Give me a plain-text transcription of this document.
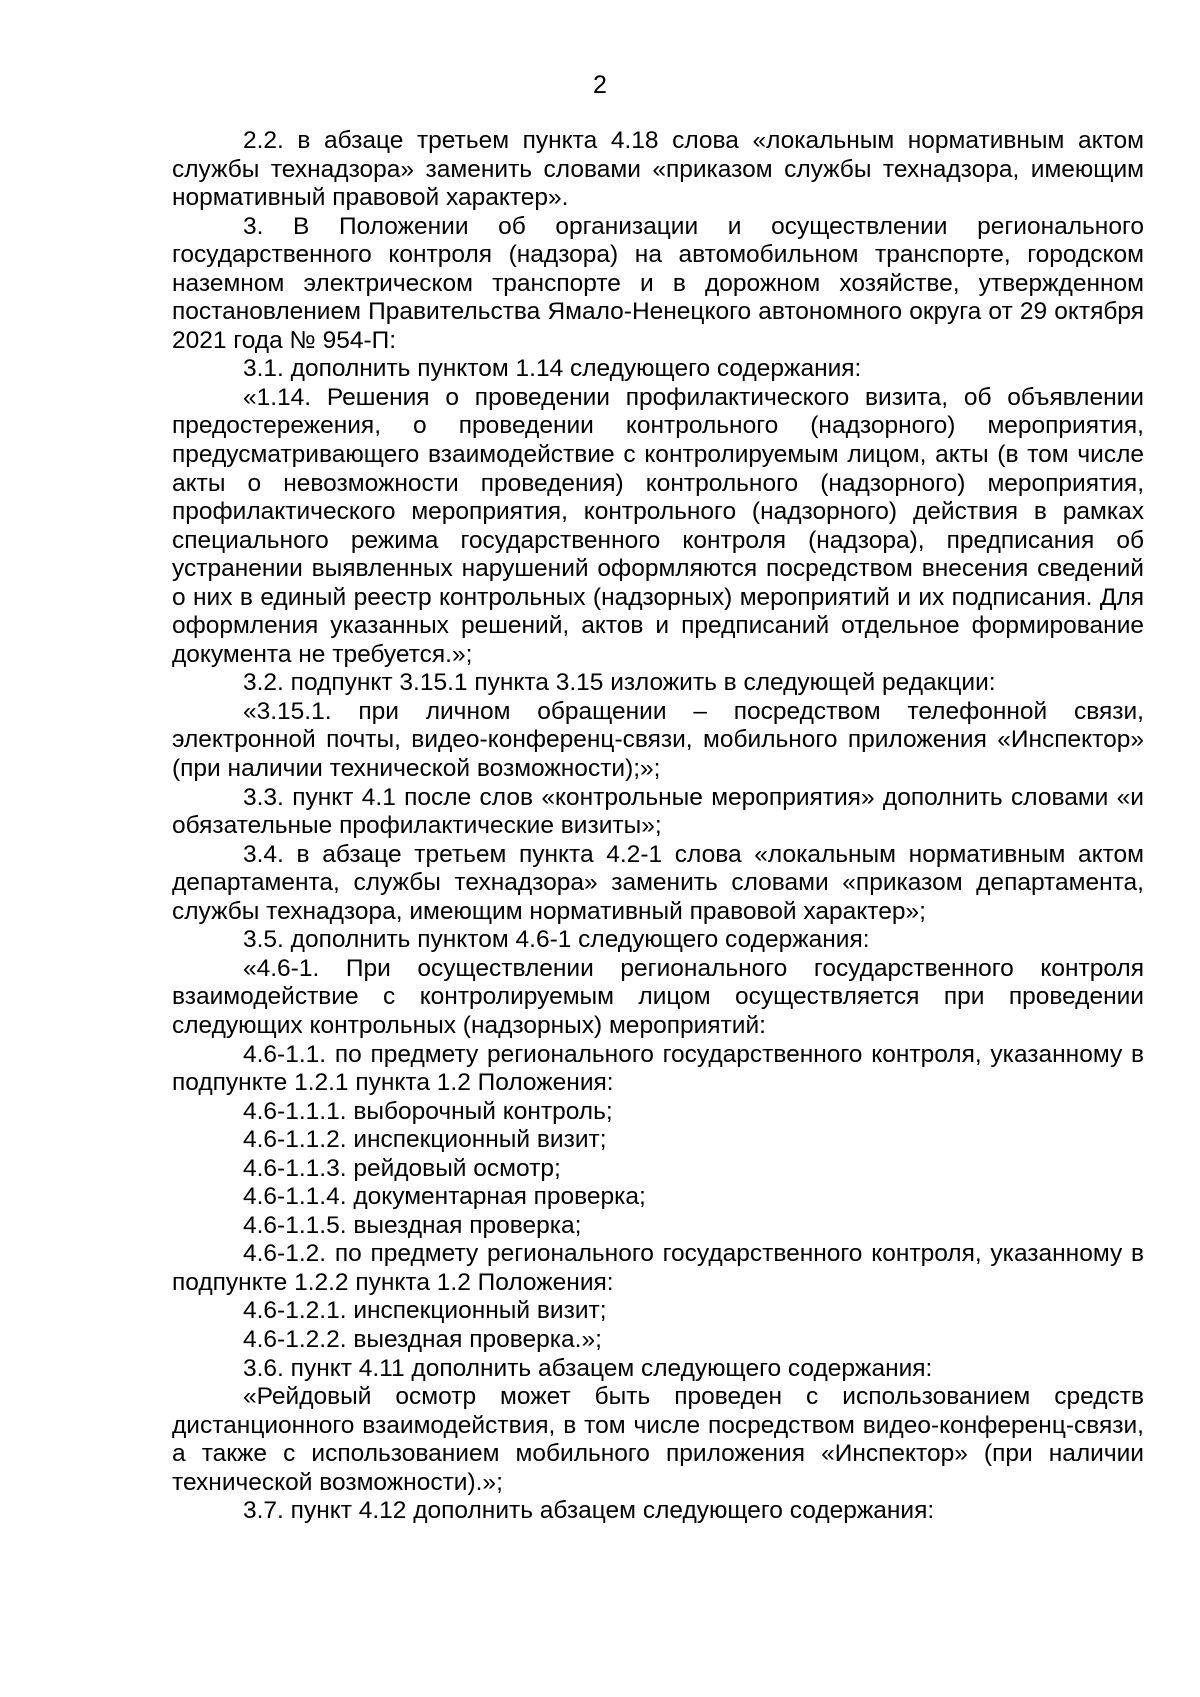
2

2.2. в абзаце третьем пункта 4.18 слова «локальным нормативным актом службы технадзора» заменить словами «приказом службы технадзора, имеющим нормативный правовой характер».

3. В Положении об организации и осуществлении регионального государственного контроля (надзора) на автомобильном транспорте, городском наземном электрическом транспорте и в дорожном хозяйстве, утвержденном постановлением Правительства Ямало-Ненецкого автономного округа от 29 октября 2021 года № 954-П:

3.1. дополнить пунктом 1.14 следующего содержания:

«1.14. Решения о проведении профилактического визита, об объявлении предостережения, о проведении контрольного (надзорного) мероприятия, предусматривающего взаимодействие с контролируемым лицом, акты (в том числе акты о невозможности проведения) контрольного (надзорного) мероприятия, профилактического мероприятия, контрольного (надзорного) действия в рамках специального режима государственного контроля (надзора), предписания об устранении выявленных нарушений оформляются посредством внесения сведений о них в единый реестр контрольных (надзорных) мероприятий и их подписания. Для оформления указанных решений, актов и предписаний отдельное формирование документа не требуется.»;

3.2. подпункт 3.15.1 пункта 3.15 изложить в следующей редакции:

«3.15.1. при личном обращении – посредством телефонной связи, электронной почты, видео-конференц-связи, мобильного приложения «Инспектор» (при наличии технической возможности);»;

3.3. пункт 4.1 после слов «контрольные мероприятия» дополнить словами «и обязательные профилактические визиты»;

3.4. в абзаце третьем пункта 4.2-1 слова «локальным нормативным актом департамента, службы технадзора» заменить словами «приказом департамента, службы технадзора, имеющим нормативный правовой характер»;

3.5. дополнить пунктом 4.6-1 следующего содержания:

«4.6-1. При осуществлении регионального государственного контроля взаимодействие с контролируемым лицом осуществляется при проведении следующих контрольных (надзорных) мероприятий:

4.6-1.1. по предмету регионального государственного контроля, указанному в подпункте 1.2.1 пункта 1.2 Положения:

4.6-1.1.1. выборочный контроль;

4.6-1.1.2. инспекционный визит;

4.6-1.1.3. рейдовый осмотр;

4.6-1.1.4. документарная проверка;

4.6-1.1.5. выездная проверка;

4.6-1.2. по предмету регионального государственного контроля, указанному в подпункте 1.2.2 пункта 1.2 Положения:

4.6-1.2.1. инспекционный визит;

4.6-1.2.2. выездная проверка.»;

3.6. пункт 4.11 дополнить абзацем следующего содержания:

«Рейдовый осмотр может быть проведен с использованием средств дистанционного взаимодействия, в том числе посредством видео-конференц-связи, а также с использованием мобильного приложения «Инспектор» (при наличии технической возможности).»;

3.7. пункт 4.12 дополнить абзацем следующего содержания:
